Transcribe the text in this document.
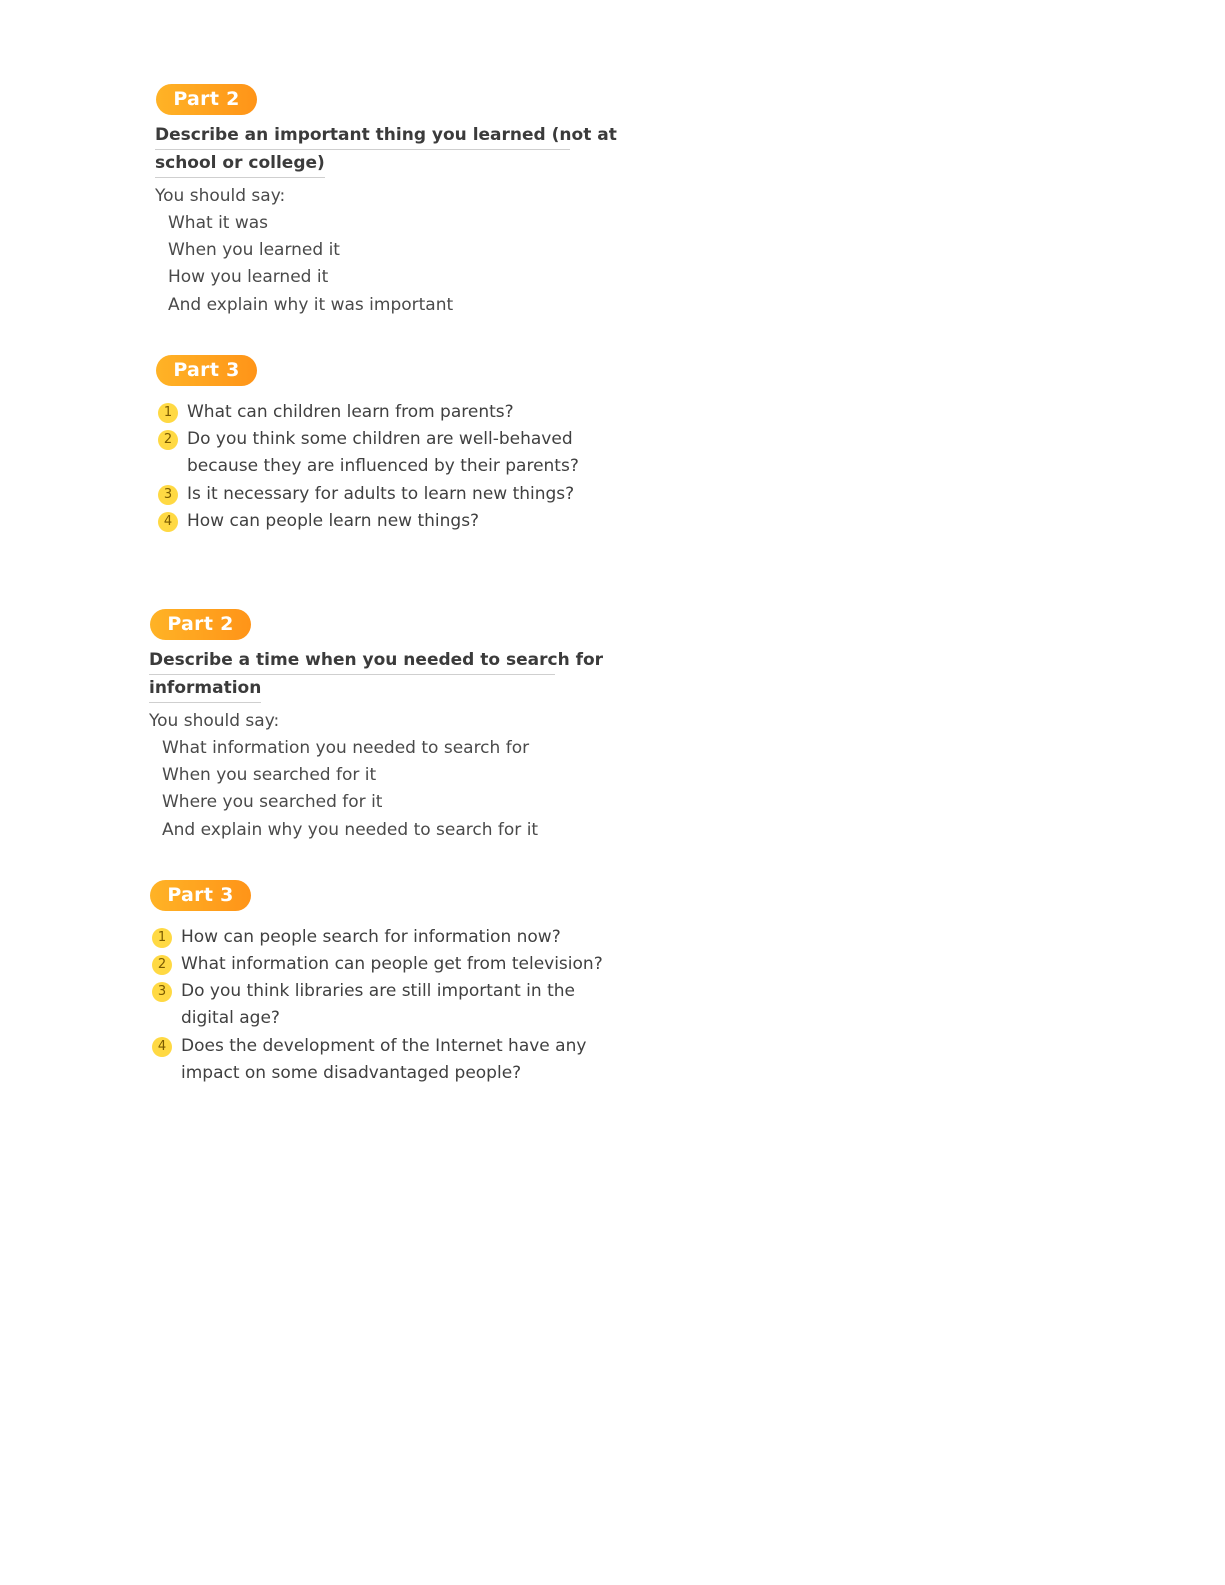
Part 2
Describe an important thing you learned (not at
school or college)
You should say:
What it was
When you learned it
How you learned it
And explain why it was important
Part 3
1 What can children learn from parents?
2 Do you think some children are well-behaved
because they are influenced by their parents?
3 Is it necessary for adults to learn new things?
4 How can people learn new things?
Part 2
Describe a time when you needed to search for
information
You should say:
What information you needed to search for
When you searched for it
Where you searched for it
And explain why you needed to search for it
Part 3
1 How can people search for information now?
2 What information can people get from television?
3 Do you think libraries are still important in the
digital age?
4 Does the development of the Internet have any
impact on some disadvantaged people?
